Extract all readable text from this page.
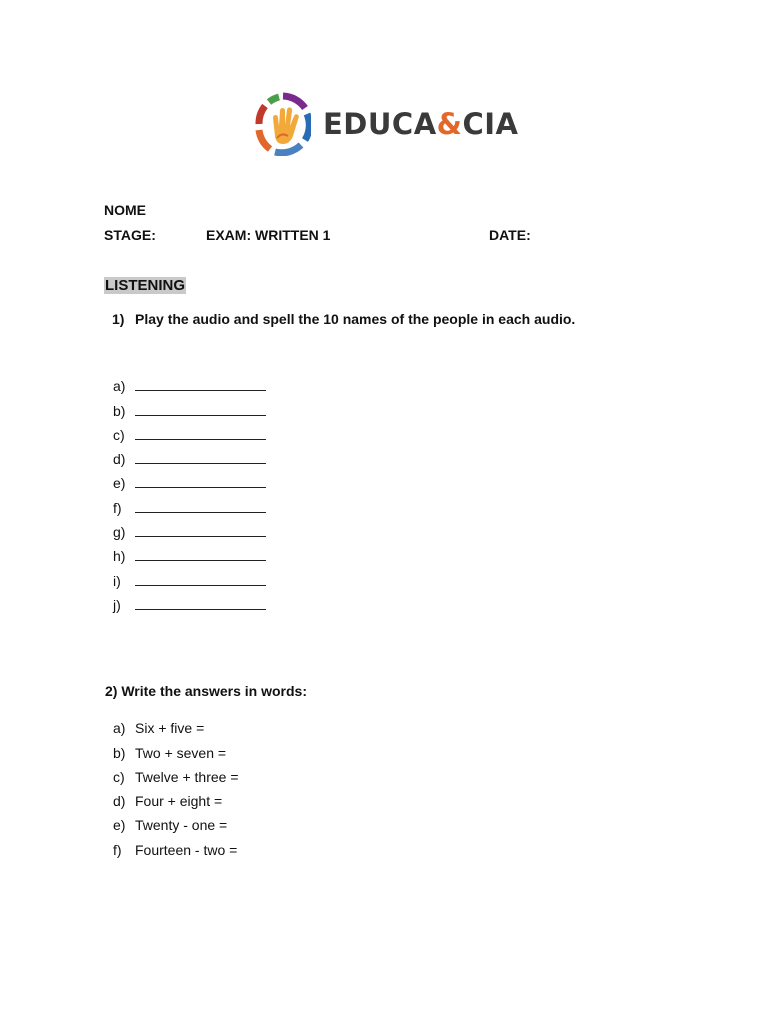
EDUCA&CIA
NOME
STAGE:	EXAM: WRITTEN 1	DATE:
LISTENING
1) Play the audio and spell the 10 names of the people in each audio.
a)
b)
c)
d)
e)
f)
g)
h)
i)
j)
2) Write the answers in words:
a) Six + five =
b) Two + seven =
c) Twelve + three =
d) Four + eight =
e) Twenty - one =
f) Fourteen - two =
